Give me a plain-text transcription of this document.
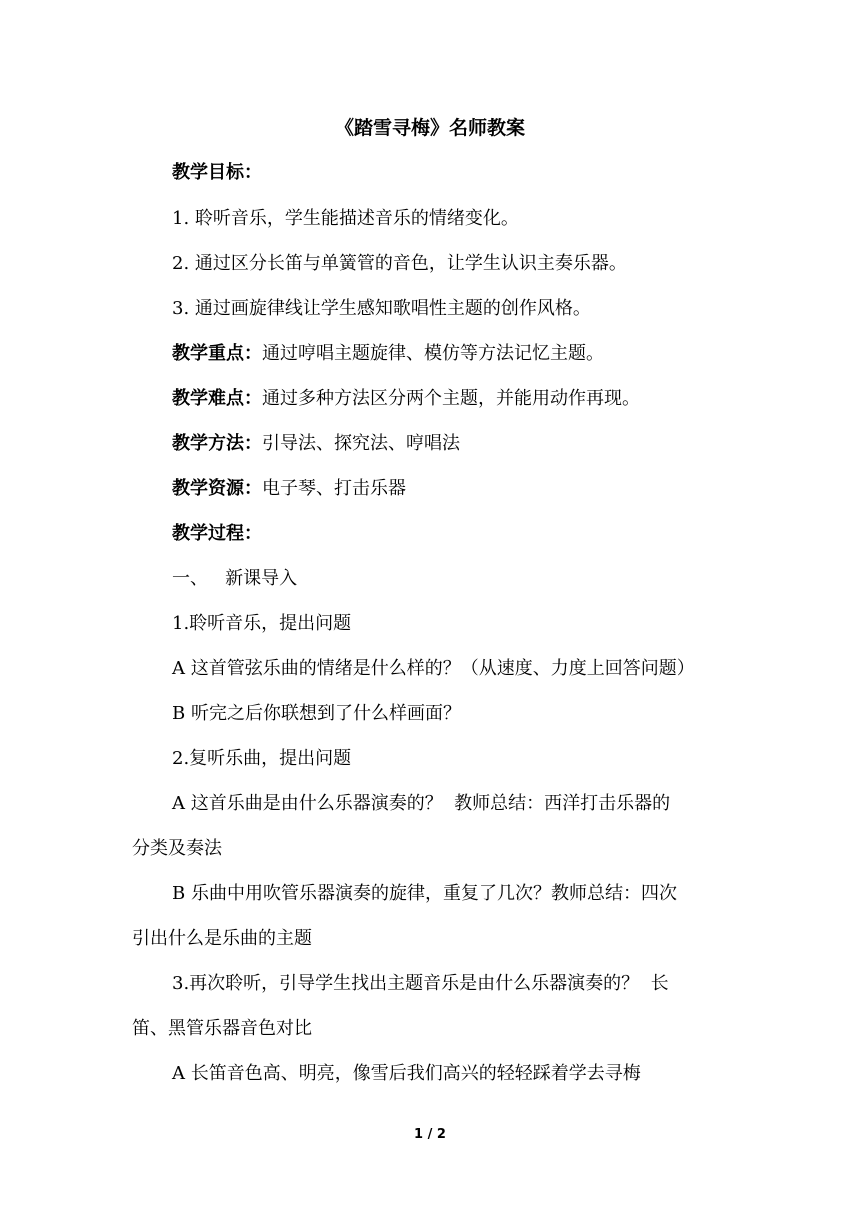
《踏雪寻梅》名师教案
教学目标：
1. 聆听音乐，学生能描述音乐的情绪变化。
2. 通过区分长笛与单簧管的音色，让学生认识主奏乐器。
3. 通过画旋律线让学生感知歌唱性主题的创作风格。
教学重点：通过哼唱主题旋律、模仿等方法记忆主题。
教学难点：通过多种方法区分两个主题，并能用动作再现。
教学方法：引导法、探究法、哼唱法
教学资源：电子琴、打击乐器
教学过程：
一、   新课导入
1.聆听音乐，提出问题
A 这首管弦乐曲的情绪是什么样的？（从速度、力度上回答问题）
B 听完之后你联想到了什么样画面？
2.复听乐曲，提出问题
A 这首乐曲是由什么乐器演奏的？  教师总结：西洋打击乐器的
分类及奏法
B 乐曲中用吹管乐器演奏的旋律，重复了几次？教师总结：四次
引出什么是乐曲的主题
3.再次聆听，引导学生找出主题音乐是由什么乐器演奏的？  长
笛、黑管乐器音色对比
A 长笛音色高、明亮，像雪后我们高兴的轻轻踩着学去寻梅
1 / 2
